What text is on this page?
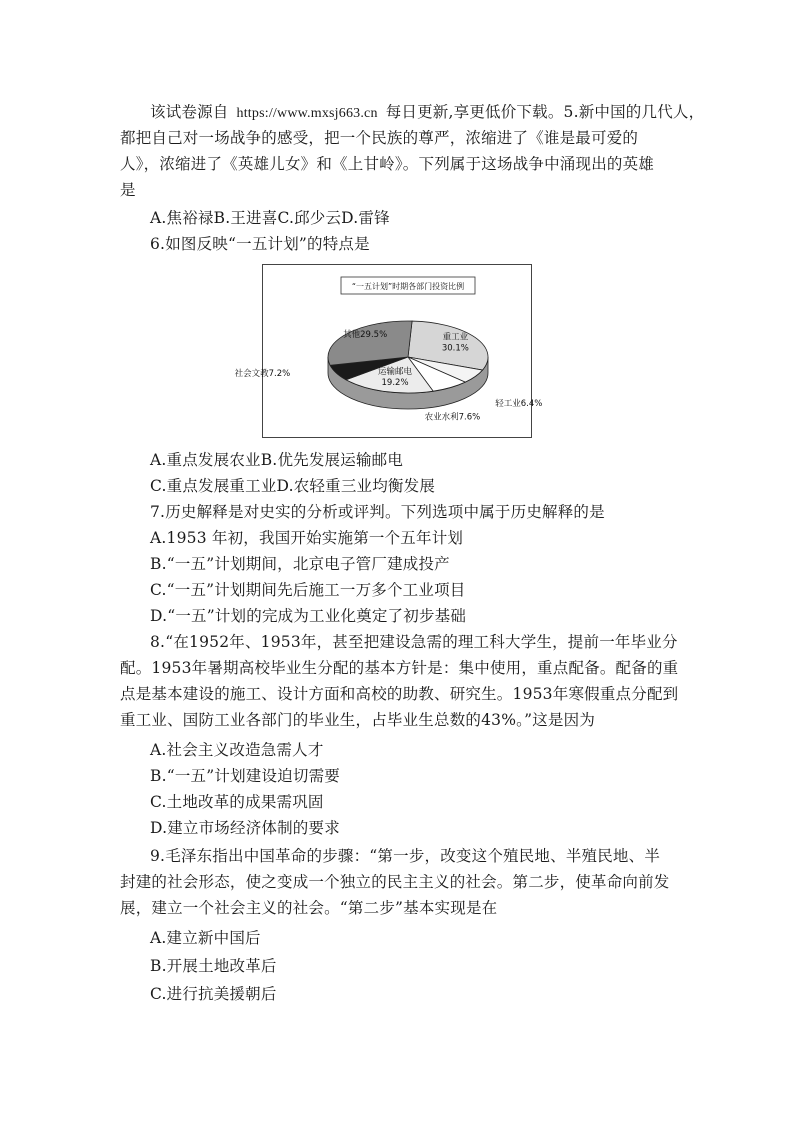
该试卷源自 https://www.mxsj663.cn 每日更新,享更低价下载。5.新中国的几代人，
都把自己对一场战争的感受，把一个民族的尊严，浓缩进了《谁是最可爱的
人》，浓缩进了《英雄儿女》和《上甘岭》。下列属于这场战争中涌现出的英雄
是
A.焦裕禄B.王进喜C.邱少云D.雷锋
6.如图反映“一五计划”的特点是
“一五计划”时期各部门投资比例
重工业
30.1%
轻工业6.4%
农业水利7.6%
运输邮电
19.2%
社会文教7.2%
其他29.5%
A.重点发展农业B.优先发展运输邮电
C.重点发展重工业D.农轻重三业均衡发展
7.历史解释是对史实的分析或评判。下列选项中属于历史解释的是
A.1953 年初，我国开始实施第一个五年计划
B.“一五”计划期间，北京电子管厂建成投产
C.“一五”计划期间先后施工一万多个工业项目
D.“一五”计划的完成为工业化奠定了初步基础
8.“在1952年、1953年，甚至把建设急需的理工科大学生，提前一年毕业分
配。1953年暑期高校毕业生分配的基本方针是：集中使用，重点配备。配备的重
点是基本建设的施工、设计方面和高校的助教、研究生。1953年寒假重点分配到
重工业、国防工业各部门的毕业生，占毕业生总数的43%。”这是因为
A.社会主义改造急需人才
B.“一五”计划建设迫切需要
C.土地改革的成果需巩固
D.建立市场经济体制的要求
9.毛泽东指出中国革命的步骤：“第一步，改变这个殖民地、半殖民地、半
封建的社会形态，使之变成一个独立的民主主义的社会。第二步，使革命向前发
展，建立一个社会主义的社会。“第二步”基本实现是在
A.建立新中国后
B.开展土地改革后
C.进行抗美援朝后
